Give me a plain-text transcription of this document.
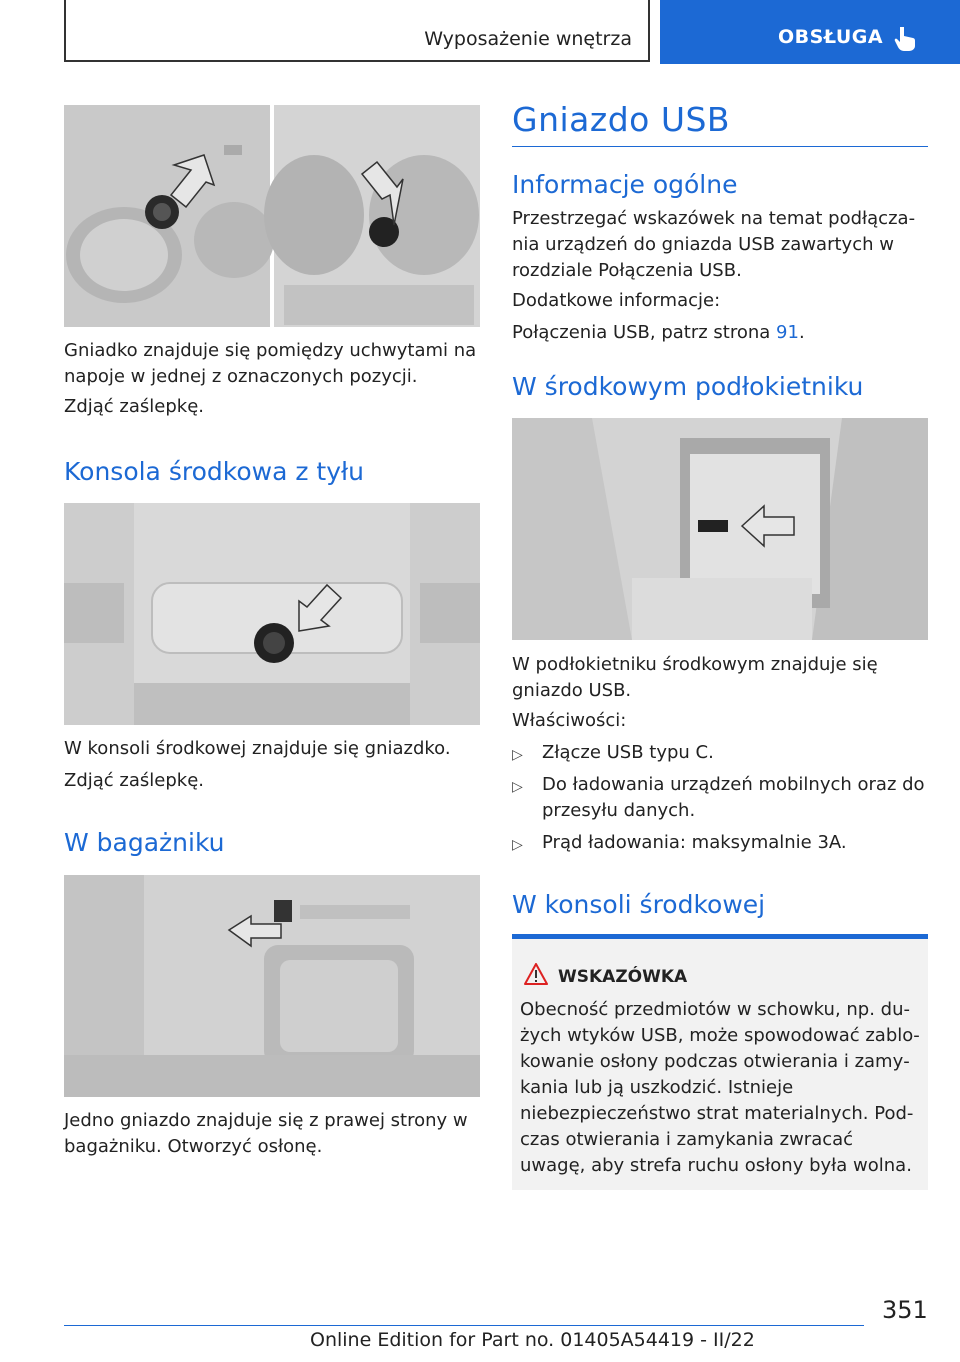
Wyposażenie wnętrza	OBSŁUGA

Gniadko znajduje się pomiędzy uchwytami na napoje w jednej z oznaczonych pozycji.

Zdjąć zaślepkę.

Konsola środkowa z tyłu

W konsoli środkowej znajduje się gniazdko.

Zdjąć zaślepkę.

W bagażniku

Jedno gniazdo znajduje się z prawej strony w bagażniku. Otworzyć osłonę.

Gniazdo USB
Informacje ogólne

Przestrzegać wskazówek na temat podłączania urządzeń do gniazda USB zawartych w rozdziale Połączenia USB.

Dodatkowe informacje:

Połączenia USB, patrz strona 91.

W środkowym podłokietniku

W podłokietniku środkowym znajduje się gniazdo USB.

Właściwości:

▷ Złącze USB typu C.
▷ Do ładowania urządzeń mobilnych oraz do przesyłu danych.
▷ Prąd ładowania: maksymalnie 3A.
W konsoli środkowej
WSKAZÓWKA
Obecność przedmiotów w schowku, np. dużych wtyków USB, może spowodować zablokowanie osłony podczas otwierania i zamykania lub ją uszkodzić. Istnieje niebezpieczeństwo strat materialnych. Podczas otwierania i zamykania zwracać uwagę, aby strefa ruchu osłony była wolna.
351
Online Edition for Part no. 01405A54419 - II/22
